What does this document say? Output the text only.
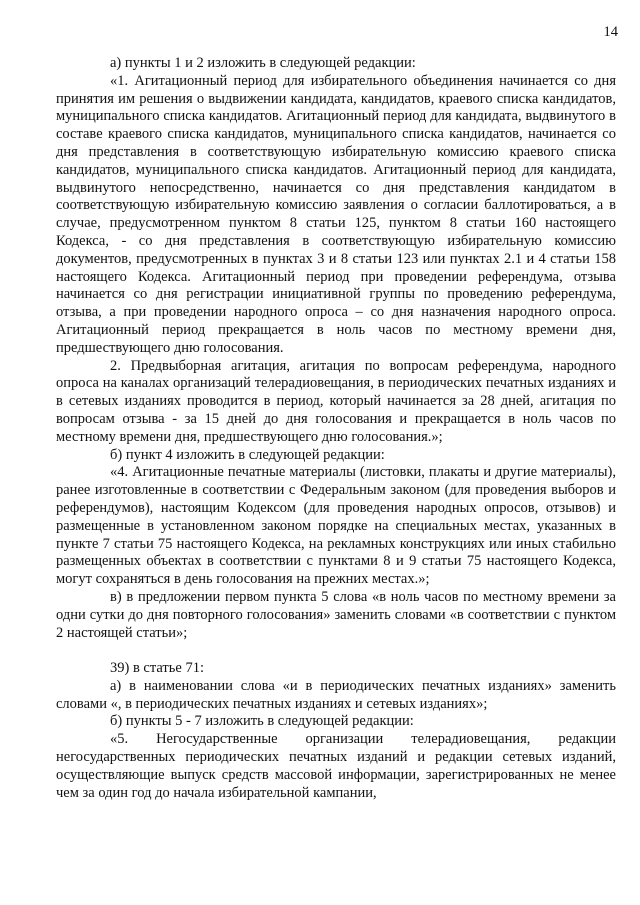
14

а) пункты 1 и 2 изложить в следующей редакции:

«1. Агитационный период для избирательного объединения начинается со дня принятия им решения о выдвижении кандидата, кандидатов, краевого списка кандидатов, муниципального списка кандидатов. Агитационный период для кандидата, выдвинутого в составе краевого списка кандидатов, муниципального списка кандидатов, начинается со дня представления в соответствующую избирательную комиссию краевого списка кандидатов, муниципального списка кандидатов. Агитационный период для кандидата, выдвинутого непосредственно, начинается со дня представления кандидатом в соответствующую избирательную комиссию заявления о согласии баллотироваться, а в случае, предусмотренном пунктом 8 статьи 125, пунктом 8 статьи 160 настоящего Кодекса, - со дня представления в соответствующую избирательную комиссию документов, предусмотренных в пунктах 3 и 8 статьи 123 или пунктах 2.1 и 4 статьи 158 настоящего Кодекса. Агитационный период при проведении референдума, отзыва начинается со дня регистрации инициативной группы по проведению референдума, отзыва, а при проведении народного опроса – со дня назначения народного опроса. Агитационный период прекращается в ноль часов по местному времени дня, предшествующего дню голосования.

2. Предвыборная агитация, агитация по вопросам референдума, народного опроса на каналах организаций телерадиовещания, в периодических печатных изданиях и в сетевых изданиях проводится в период, который начинается за 28 дней, агитация по вопросам отзыва - за 15 дней до дня голосования и прекращается в ноль часов по местному времени дня, предшествующего дню голосования.»;

б) пункт 4 изложить в следующей редакции:

«4. Агитационные печатные материалы (листовки, плакаты и другие материалы), ранее изготовленные в соответствии с Федеральным законом (для проведения выборов и референдумов), настоящим Кодексом (для проведения народных опросов, отзывов) и размещенные в установленном законом порядке на специальных местах, указанных в пункте 7 статьи 75 настоящего Кодекса, на рекламных конструкциях или иных стабильно размещенных объектах в соответствии с пунктами 8 и 9 статьи 75 настоящего Кодекса, могут сохраняться в день голосования на прежних местах.»;

в) в предложении первом пункта 5 слова «в ноль часов по местному времени за одни сутки до дня повторного голосования» заменить словами «в соответствии с пунктом 2 настоящей статьи»;

39) в статье 71:

а) в наименовании слова «и в периодических печатных изданиях» заменить словами «, в периодических печатных изданиях и сетевых изданиях»;

б) пункты 5 - 7 изложить в следующей редакции:

«5. Негосударственные организации телерадиовещания, редакции негосударственных периодических печатных изданий и редакции сетевых изданий, осуществляющие выпуск средств массовой информации, зарегистрированных не менее чем за один год до начала избирательной кампании,
